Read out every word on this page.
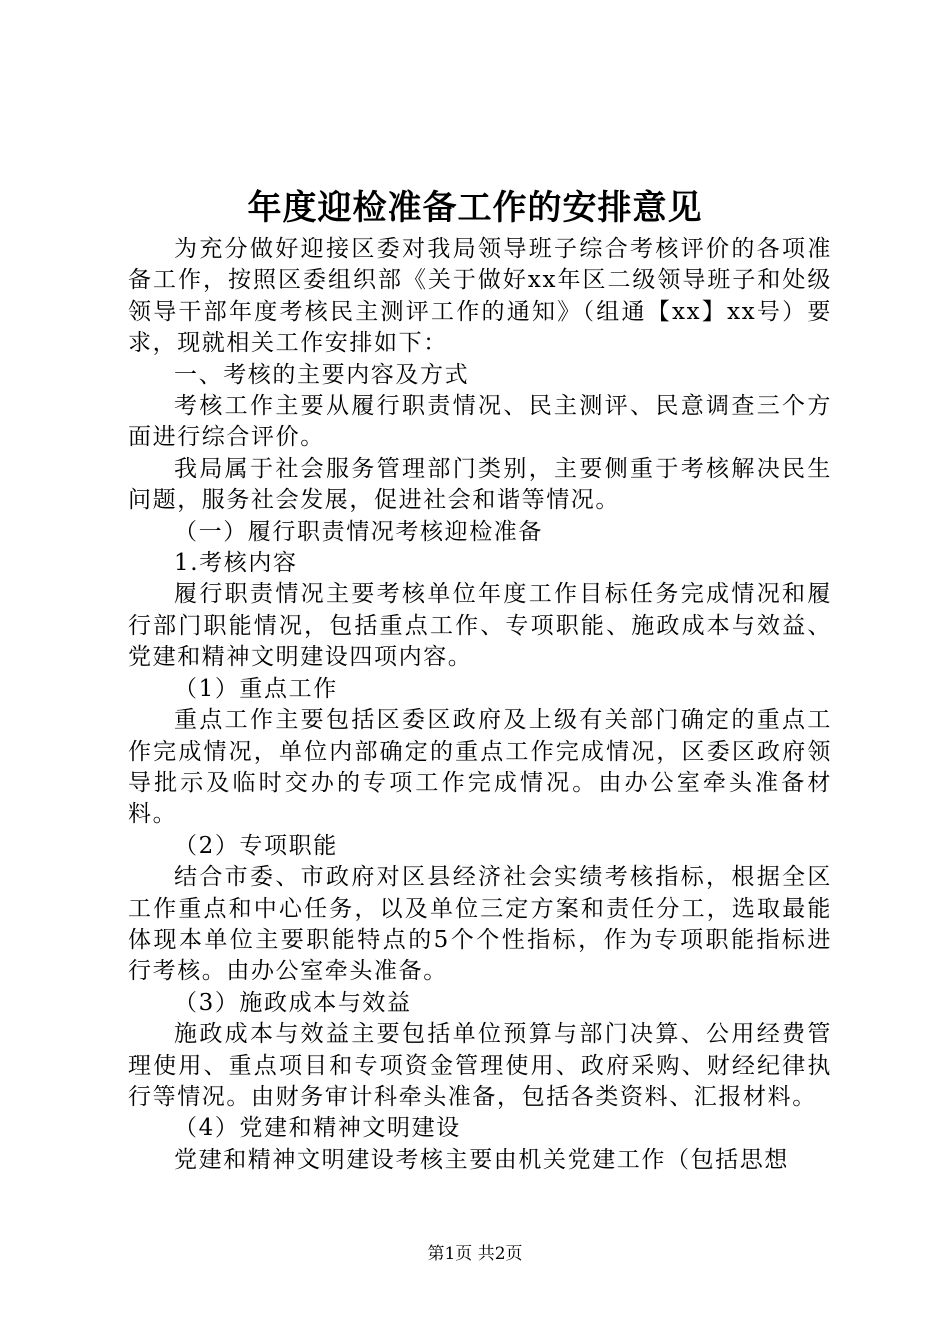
年度迎检准备工作的安排意见

为充分做好迎接区委对我局领导班子综合考核评价的各项准备工作，按照区委组织部《关于做好xx年区二级领导班子和处级领导干部年度考核民主测评工作的通知》（组通【xx】xx号）要求，现就相关工作安排如下：

一、考核的主要内容及方式

考核工作主要从履行职责情况、民主测评、民意调查三个方面进行综合评价。

我局属于社会服务管理部门类别，主要侧重于考核解决民生问题，服务社会发展，促进社会和谐等情况。

（一）履行职责情况考核迎检准备

1.考核内容

履行职责情况主要考核单位年度工作目标任务完成情况和履行部门职能情况，包括重点工作、专项职能、施政成本与效益、党建和精神文明建设四项内容。

（1）重点工作

重点工作主要包括区委区政府及上级有关部门确定的重点工作完成情况，单位内部确定的重点工作完成情况，区委区政府领导批示及临时交办的专项工作完成情况。由办公室牵头准备材料。

（2）专项职能

结合市委、市政府对区县经济社会实绩考核指标，根据全区工作重点和中心任务，以及单位三定方案和责任分工，选取最能体现本单位主要职能特点的5个个性指标，作为专项职能指标进行考核。由办公室牵头准备。

（3）施政成本与效益

施政成本与效益主要包括单位预算与部门决算、公用经费管理使用、重点项目和专项资金管理使用、政府采购、财经纪律执行等情况。由财务审计科牵头准备，包括各类资料、汇报材料。

（4）党建和精神文明建设

党建和精神文明建设考核主要由机关党建工作（包括思想

第1页 共2页
